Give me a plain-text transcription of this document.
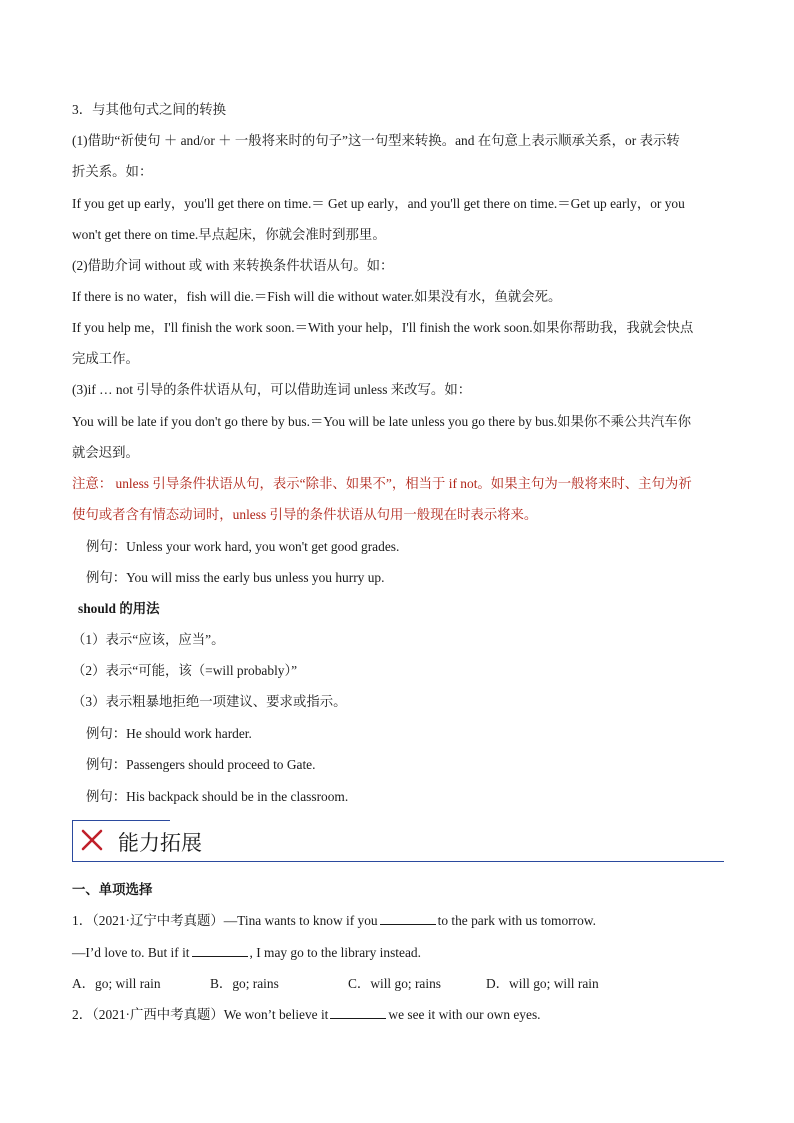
3．与其他句式之间的转换
(1)借助“祈使句 ＋ and/or ＋ 一般将来时的句子”这一句型来转换。and 在句意上表示顺承关系，or 表示转
折关系。如：
If you get up early，you'll get there on time.＝ Get up early，and you'll get there on time.＝Get up early，or you
won't get there on time.早点起床，你就会准时到那里。
(2)借助介词 without 或 with 来转换条件状语从句。如：
If there is no water，fish will die.＝Fish will die without water.如果没有水，鱼就会死。
If you help me，I'll finish the work soon.＝With your help，I'll finish the work soon.如果你帮助我，我就会快点
完成工作。
(3)if … not 引导的条件状语从句，可以借助连词 unless 来改写。如：
You will be late if you don't go there by bus.＝You will be late unless you go there by bus.如果你不乘公共汽车你
就会迟到。
注意： unless 引导条件状语从句，表示“除非、如果不”，相当于 if not。如果主句为一般将来时、主句为祈
使句或者含有情态动词时，unless 引导的条件状语从句用一般现在时表示将来。
例句：Unless your work hard, you won't get good grades.
例句：You will miss the early bus unless you hurry up.
should 的用法
（1）表示“应该，应当”。
（2）表示“可能，该（=will probably）”
（3）表示粗暴地拒绝一项建议、要求或指示。
例句：He should work harder.
例句：Passengers should proceed to Gate.
例句：His backpack should be in the classroom.
能力拓展
一、单项选择
1．（2021·辽宁中考真题）—Tina wants to know if you	to the park with us tomorrow.
—I’d love to. But if it	, I may go to the library instead.
A．go; will rain	B．go; rains	C．will go; rains	D．will go; will rain
2．（2021·广西中考真题）We won’t believe it	we see it with our own eyes.
